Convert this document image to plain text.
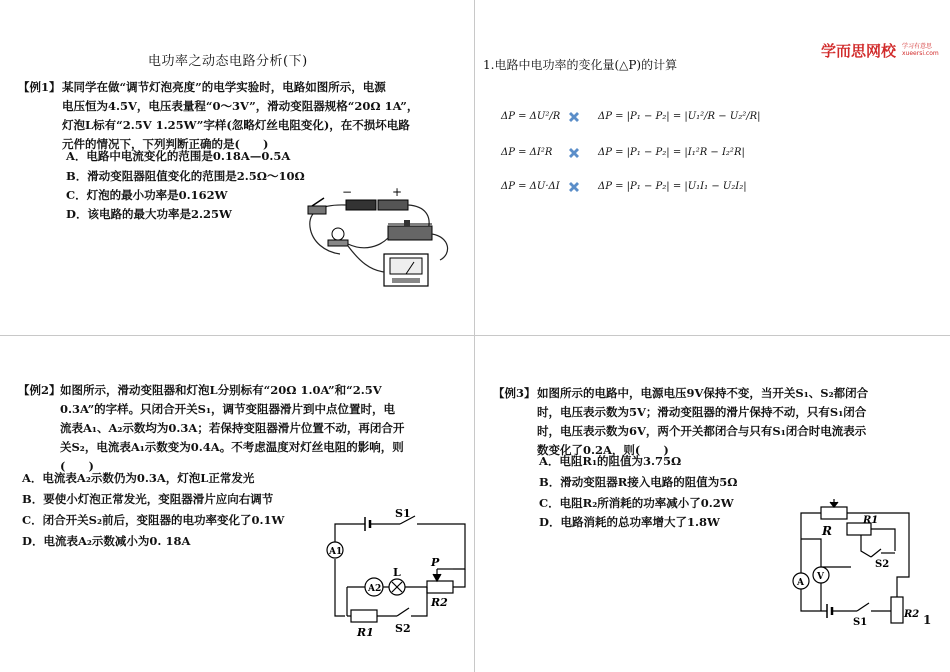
电功率之动态电路分析(下)
【例1】 某同学在做“调节灯泡亮度”的电学实验时，电路如图所示，电源
电压恒为4.5V，电压表量程“0～3V”，滑动变阻器规格“20Ω 1A”，
灯泡L标有“2.5V 1.25W”字样(忽略灯丝电阻变化)，在不损坏电路
元件的情况下，下列判断正确的是(　　)
A．电路中电流变化的范围是0.18A—0.5A
B．滑动变阻器阻值变化的范围是2.5Ω～10Ω
C．灯泡的最小功率是0.162W
D．该电路的最大功率是2.25W
−	+
1.电路中电功率的变化量(△P)的计算
学而思网校 学习有意思
xueersi.com
ΔP = ΔU²/R	ΔP = |P₁ − P₂| = |U₁²/R − U₂²/R|
ΔP = ΔI²R	ΔP = |P₁ − P₂| = |I₁²R − I₂²R|
ΔP = ΔU·ΔI	ΔP = |P₁ − P₂| = |U₁I₁ − U₂I₂|
【例2】 如图所示，滑动变阻器和灯泡L分别标有“20Ω 1.0A”和“2.5V
0.3A”的字样。只闭合开关S₁，调节变阻器滑片到中点位置时，电
流表A₁、A₂示数均为0.3A；若保持变阻器滑片位置不动，再闭合开
关S₂，电流表A₁示数变为0.4A。不考虑温度对灯丝电阻的影响，则
(　　)
A．电流表A₂示数仍为0.3A，灯泡L正常发光
B．要使小灯泡正常发光，变阻器滑片应向右调节
C．闭合开关S₂前后，变阻器的电功率变化了0.1W
D．电流表A₂示数减小为0. 18A
S1
A1
A2
L
P
R2
R1 S2
【例3】 如图所示的电路中，电源电压9V保持不变，当开关S₁、S₂都闭合
时，电压表示数为5V；滑动变阻器的滑片保持不动，只有S₁闭合
时，电压表示数为6V，两个开关都闭合与只有S₁闭合时电流表示
数变化了0.2A，则(　　)
A．电阻R₁的阻值为3.75Ω
B．滑动变阻器R接入电路的阻值为5Ω
C．电阻R₂所消耗的功率减小了0.2W
D．电路消耗的总功率增大了1.8W
R
R1
S2
V
A
S1
R2 1
